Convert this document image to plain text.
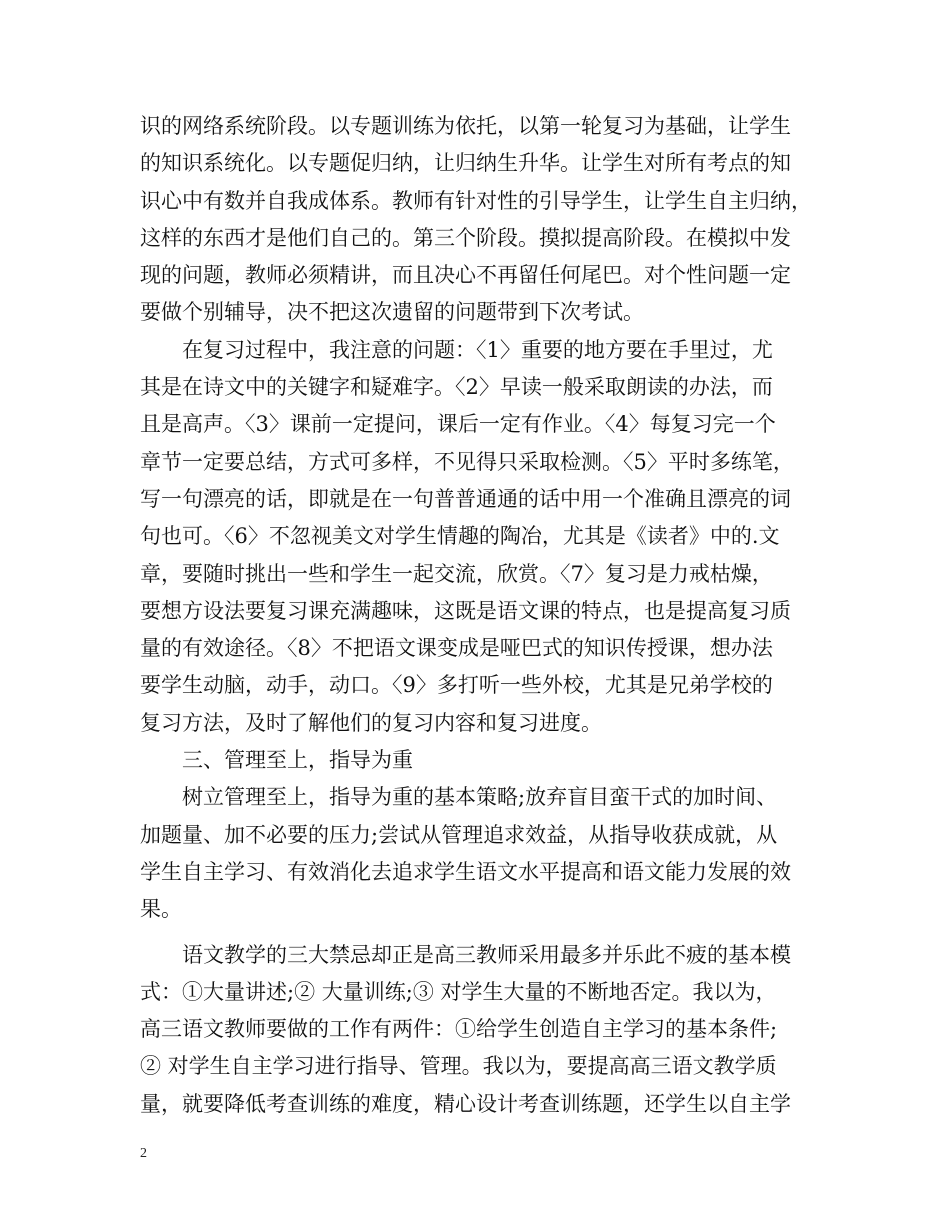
识的网络系统阶段。以专题训练为依托，以第一轮复习为基础，让学生
的知识系统化。以专题促归纳，让归纳生升华。让学生对所有考点的知
识心中有数并自我成体系。教师有针对性的引导学生，让学生自主归纳，
这样的东西才是他们自己的。第三个阶段。摸拟提高阶段。在模拟中发
现的问题，教师必须精讲，而且决心不再留任何尾巴。对个性问题一定
要做个别辅导，决不把这次遗留的问题带到下次考试。
在复习过程中，我注意的问题：〈1〉重要的地方要在手里过，尤
其是在诗文中的关键字和疑难字。〈2〉早读一般采取朗读的办法，而
且是高声。〈3〉课前一定提问，课后一定有作业。〈4〉每复习完一个
章节一定要总结，方式可多样，不见得只采取检测。〈5〉平时多练笔，
写一句漂亮的话，即就是在一句普普通通的话中用一个准确且漂亮的词
句也可。〈6〉不忽视美文对学生情趣的陶冶，尤其是《读者》中的.文
章，要随时挑出一些和学生一起交流，欣赏。〈7〉复习是力戒枯燥，
要想方设法要复习课充满趣味，这既是语文课的特点，也是提高复习质
量的有效途径。〈8〉不把语文课变成是哑巴式的知识传授课，想办法
要学生动脑，动手，动口。〈9〉多打听一些外校，尤其是兄弟学校的
复习方法，及时了解他们的复习内容和复习进度。
三、管理至上，指导为重
树立管理至上，指导为重的基本策略;放弃盲目蛮干式的加时间、
加题量、加不必要的压力;尝试从管理追求效益，从指导收获成就，从
学生自主学习、有效消化去追求学生语文水平提高和语文能力发展的效
果。
语文教学的三大禁忌却正是高三教师采用最多并乐此不疲的基本模
式：①大量讲述;② 大量训练;③ 对学生大量的不断地否定。我以为，
高三语文教师要做的工作有两件：①给学生创造自主学习的基本条件;
② 对学生自主学习进行指导、管理。我以为，要提高高三语文教学质
量，就要降低考查训练的难度，精心设计考查训练题，还学生以自主学
2
